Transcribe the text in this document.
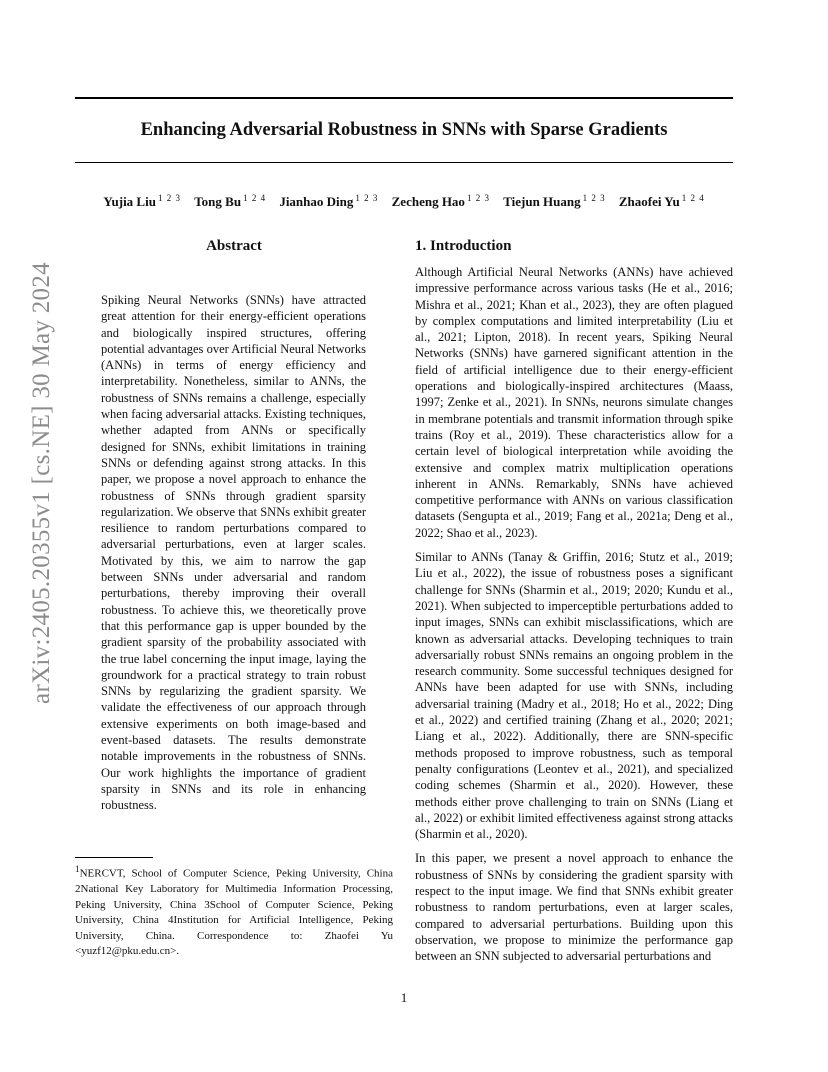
arXiv:2405.20355v1 [cs.NE] 30 May 2024
Enhancing Adversarial Robustness in SNNs with Sparse Gradients
Yujia Liu $^{1 2 3}$ Tong Bu $^{1 2 4}$ Jianhao Ding $^{1 2 3}$ Zecheng Hao $^{1 2 3}$ Tiejun Huang $^{1 2 3}$ Zhaofei Yu $^{1 2 4}$
Abstract

Spiking Neural Networks (SNNs) have attracted great attention for their energy-efficient operations and biologically inspired structures, offering potential advantages over Artificial Neural Networks (ANNs) in terms of energy efficiency and interpretability. Nonetheless, similar to ANNs, the robustness of SNNs remains a challenge, especially when facing adversarial attacks. Existing techniques, whether adapted from ANNs or specifically designed for SNNs, exhibit limitations in training SNNs or defending against strong attacks. In this paper, we propose a novel approach to enhance the robustness of SNNs through gradient sparsity regularization. We observe that SNNs exhibit greater resilience to random perturbations compared to adversarial perturbations, even at larger scales. Motivated by this, we aim to narrow the gap between SNNs under adversarial and random perturbations, thereby improving their overall robustness. To achieve this, we theoretically prove that this performance gap is upper bounded by the gradient sparsity of the probability associated with the true label concerning the input image, laying the groundwork for a practical strategy to train robust SNNs by regularizing the gradient sparsity. We validate the effectiveness of our approach through extensive experiments on both image-based and event-based datasets. The results demonstrate notable improvements in the robustness of SNNs. Our work highlights the importance of gradient sparsity in SNNs and its role in enhancing robustness.

1. Introduction

Although Artificial Neural Networks (ANNs) have achieved impressive performance across various tasks (He et al., 2016; Mishra et al., 2021; Khan et al., 2023), they are often plagued by complex computations and limited interpretability (Liu et al., 2021; Lipton, 2018). In recent years, Spiking Neural Networks (SNNs) have garnered significant attention in the field of artificial intelligence due to their energy-efficient operations and biologically-inspired architectures (Maass, 1997; Zenke et al., 2021). In SNNs, neurons simulate changes in membrane potentials and transmit information through spike trains (Roy et al., 2019). These characteristics allow for a certain level of biological interpretation while avoiding the extensive and complex matrix multiplication operations inherent in ANNs. Remarkably, SNNs have achieved competitive performance with ANNs on various classification datasets (Sengupta et al., 2019; Fang et al., 2021a; Deng et al., 2022; Shao et al., 2023).

Similar to ANNs (Tanay & Griffin, 2016; Stutz et al., 2019; Liu et al., 2022), the issue of robustness poses a significant challenge for SNNs (Sharmin et al., 2019; 2020; Kundu et al., 2021). When subjected to imperceptible perturbations added to input images, SNNs can exhibit misclassifications, which are known as adversarial attacks. Developing techniques to train adversarially robust SNNs remains an ongoing problem in the research community. Some successful techniques designed for ANNs have been adapted for use with SNNs, including adversarial training (Madry et al., 2018; Ho et al., 2022; Ding et al., 2022) and certified training (Zhang et al., 2020; 2021; Liang et al., 2022). Additionally, there are SNN-specific methods proposed to improve robustness, such as temporal penalty configurations (Leontev et al., 2021), and specialized coding schemes (Sharmin et al., 2020). However, these methods either prove challenging to train on SNNs (Liang et al., 2022) or exhibit limited effectiveness against strong attacks (Sharmin et al., 2020).

In this paper, we present a novel approach to enhance the robustness of SNNs by considering the gradient sparsity with respect to the input image. We find that SNNs exhibit greater robustness to random perturbations, even at larger scales, compared to adversarial perturbations. Building upon this observation, we propose to minimize the performance gap between an SNN subjected to adversarial perturbations and

$^1$NERCVT, School of Computer Science, Peking University, China 2National Key Laboratory for Multimedia Information Processing, Peking University, China 3School of Computer Science, Peking University, China 4Institution for Artificial Intelligence, Peking University, China. Correspondence to: Zhaofei Yu <yuzf12@pku.edu.cn>.

1
